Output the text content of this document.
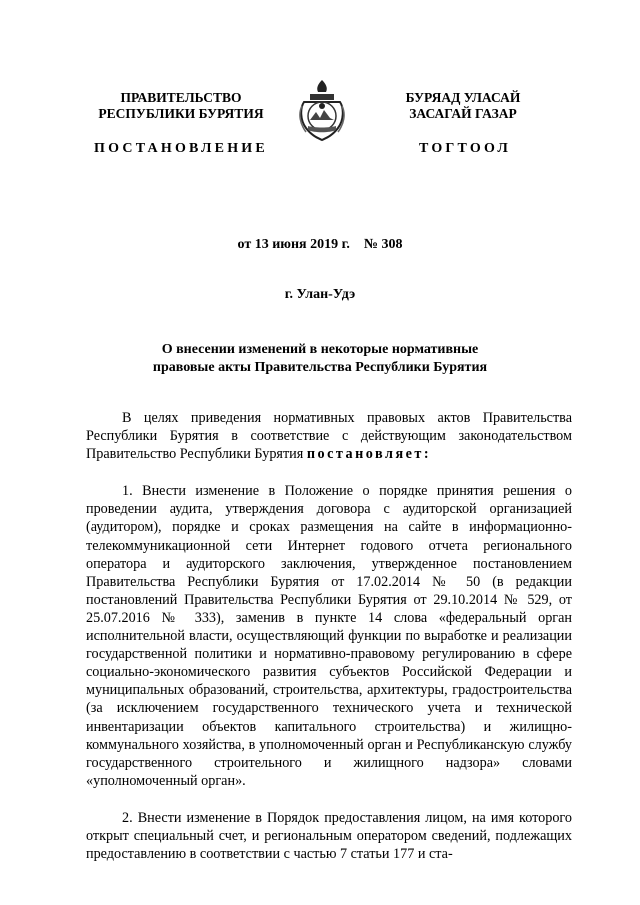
ПРАВИТЕЛЬСТВО
РЕСПУБЛИКИ БУРЯТИЯ
БУРЯАД УЛАСАЙ
ЗАСАГАЙ ГАЗАР
ПОСТАНОВЛЕНИЕ	ТОГТООЛ
от 13 июня 2019 г. № 308
г. Улан-Удэ
О внесении изменений в некоторые нормативные
правовые акты Правительства Республики Бурятия

В целях приведения нормативных правовых актов Правительства Республики Бурятия в соответствие с действующим законодательством Правительство Республики Бурятия постановляет:

1. Внести изменение в Положение о порядке принятия решения о проведении аудита, утверждения договора с аудиторской организацией (аудитором), порядке и сроках размещения на сайте в информационно-телекоммуникационной сети Интернет годового отчета регионального оператора и аудиторского заключения, утвержденное постановлением Правительства Республики Бурятия от 17.02.2014 № 50 (в редакции постановлений Правительства Республики Бурятия от 29.10.2014 № 529, от 25.07.2016 № 333), заменив в пункте 14 слова «федеральный орган исполнительной власти, осуществляющий функции по выработке и реализации государственной политики и нормативно-правовому регулированию в сфере социально-экономического развития субъектов Российской Федерации и муниципальных образований, строительства, архитектуры, градостроительства (за исключением государственного технического учета и технической инвентаризации объектов капитального строительства) и жилищно-коммунального хозяйства, в уполномоченный орган и Республиканскую службу государственного строительного и жилищного надзора» словами «уполномоченный орган».

2. Внести изменение в Порядок предоставления лицом, на имя которого открыт специальный счет, и региональным оператором сведений, подлежащих предоставлению в соответствии с частью 7 статьи 177 и ста-
